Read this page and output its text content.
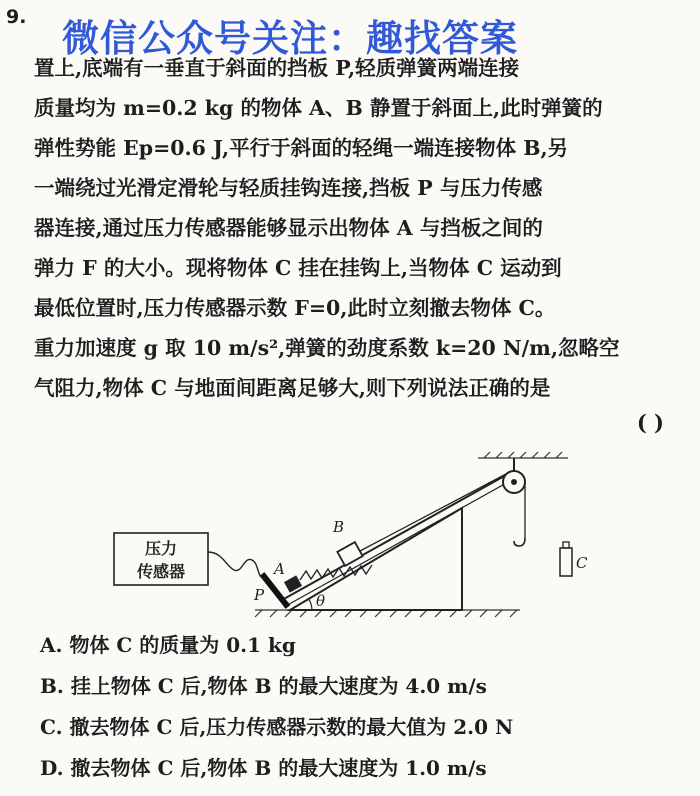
9. 微信公众号关注：趣找答案
置上,底端有一垂直于斜面的挡板 P,轻质弹簧两端连接
质量均为 m=0.2 kg 的物体 A、B 静置于斜面上,此时弹簧的
弹性势能 Ep=0.6 J,平行于斜面的轻绳一端连接物体 B,另
一端绕过光滑定滑轮与轻质挂钩连接,挡板 P 与压力传感
器连接,通过压力传感器能够显示出物体 A 与挡板之间的
弹力 F 的大小。现将物体 C 挂在挂钩上,当物体 C 运动到
最低位置时,压力传感器示数 F=0,此时立刻撤去物体 C。
重力加速度 g 取 10 m/s²,弹簧的劲度系数 k=20 N/m,忽略空
气阻力,物体 C 与地面间距离足够大,则下列说法正确的是
( )
C
P
A
B
θ
压力
传感器
A. 物体 C 的质量为 0.1 kg
B. 挂上物体 C 后,物体 B 的最大速度为 4.0 m/s
C. 撤去物体 C 后,压力传感器示数的最大值为 2.0 N
D. 撤去物体 C 后,物体 B 的最大速度为 1.0 m/s
